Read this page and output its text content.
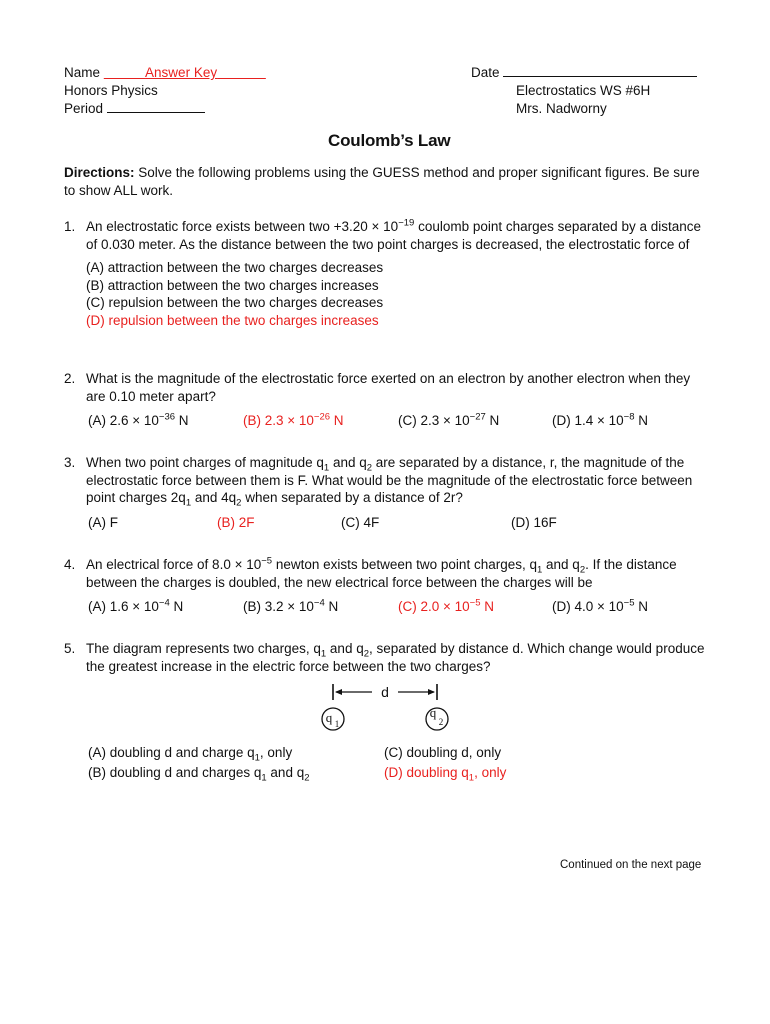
Name	Answer Key
Honors Physics
Period
Date
Electrostatics WS #6H
Mrs. Nadworny
Coulomb’s Law
Directions: Solve the following problems using the GUESS method and proper significant figures. Be sure to show ALL work.
1. An electrostatic force exists between two $+3.20 \times 10^{-19}$ coulomb point charges separated by a distance of 0.030 meter. As the distance between the two point charges is decreased, the electrostatic force of
(A) attraction between the two charges decreases
(B) attraction between the two charges increases
(C) repulsion between the two charges decreases
(D) repulsion between the two charges increases
2. What is the magnitude of the electrostatic force exerted on an electron by another electron when they are 0.10 meter apart?
(A) $2.6 \times 10^{-36}$ N	(B) $2.3 \times 10^{-26}$ N	(C) $2.3 \times 10^{-27}$ N	(D) $1.4 \times 10^{-8}$ N
3. When two point charges of magnitude $q_1$ and $q_2$ are separated by a distance, r, the magnitude of the electrostatic force between them is F. What would be the magnitude of the electrostatic force between point charges $2q_1$ and $4q_2$ when separated by a distance of 2r?
(A) F	(B) 2F	(C) 4F	(D) 16F
4. An electrical force of $8.0 \times 10^{-5}$ newton exists between two point charges, $q_1$ and $q_2$. If the distance between the charges is doubled, the new electrical force between the charges will be
(A) $1.6 \times 10^{-4}$ N	(B) $3.2 \times 10^{-4}$ N	(C) $2.0 \times 10^{-5}$ N	(D) $4.0 \times 10^{-5}$ N
5. The diagram represents two charges, $q_1$ and $q_2$, separated by distance d. Which change would produce the greatest increase in the electric force between the two charges?
d
q 1
q
2
(A) doubling d and charge $q_1$, only	(C) doubling d, only
(B) doubling d and charges $q_1$ and $q_2$	(D) doubling $q_1$, only
Continued on the next page
